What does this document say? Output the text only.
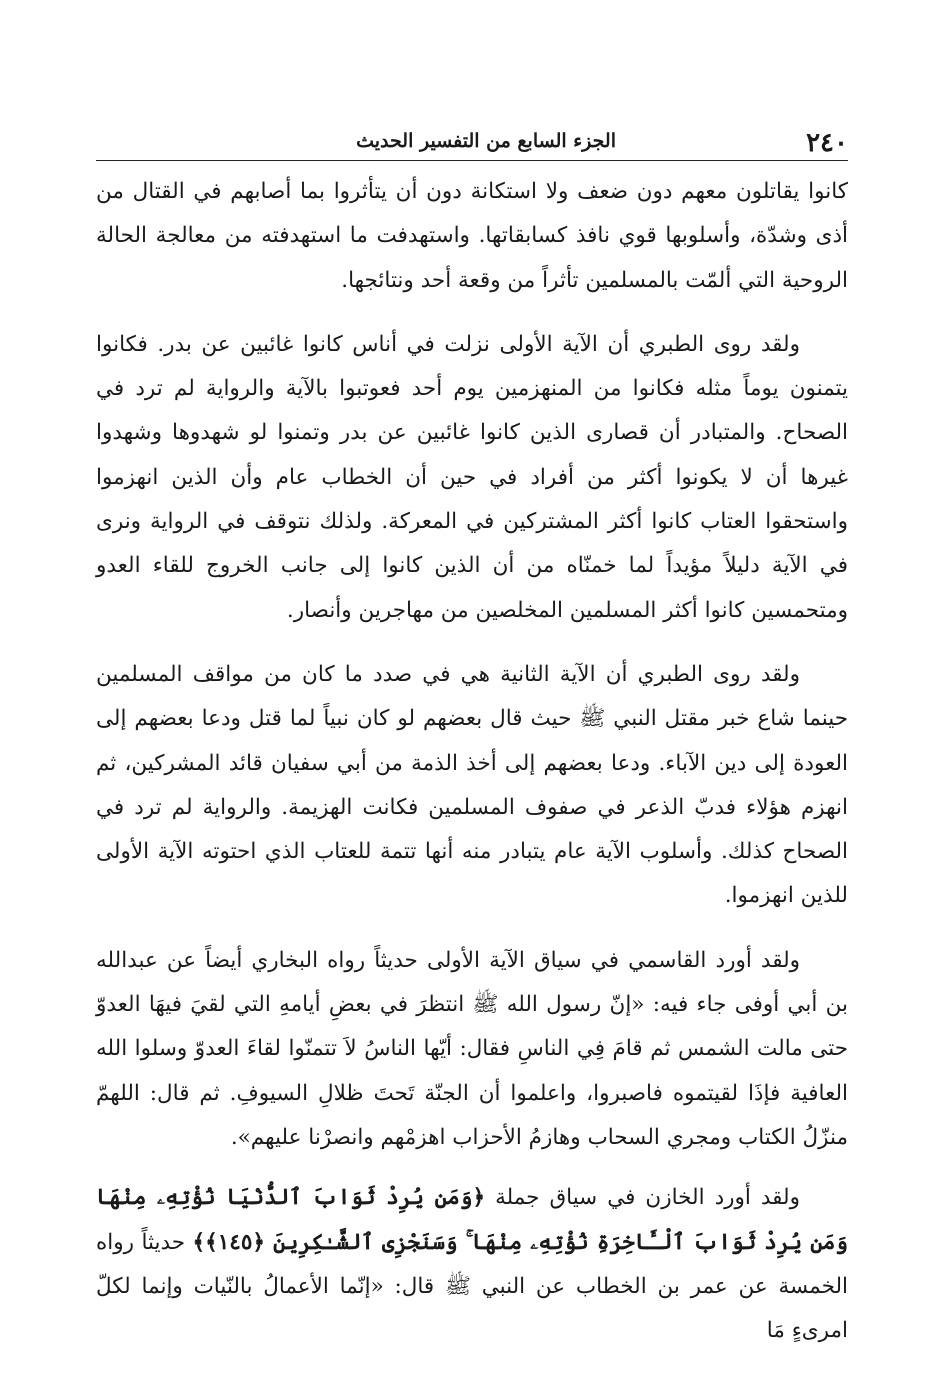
٢٤٠
الجزء السابع من التفسير الحديث

كانوا يقاتلون معهم دون ضعف ولا استكانة دون أن يتأثروا بما أصابهم في القتال من أذى وشدّة، وأسلوبها قوي نافذ كسابقاتها. واستهدفت ما استهدفته من معالجة الحالة الروحية التي ألمّت بالمسلمين تأثراً من وقعة أحد ونتائجها.

ولقد روى الطبري أن الآية الأولى نزلت في أناس كانوا غائبين عن بدر. فكانوا يتمنون يوماً مثله فكانوا من المنهزمين يوم أحد فعوتبوا بالآية والرواية لم ترد في الصحاح. والمتبادر أن قصارى الذين كانوا غائبين عن بدر وتمنوا لو شهدوها وشهدوا غيرها أن لا يكونوا أكثر من أفراد في حين أن الخطاب عام وأن الذين انهزموا واستحقوا العتاب كانوا أكثر المشتركين في المعركة. ولذلك نتوقف في الرواية ونرى في الآية دليلاً مؤيداً لما خمنّاه من أن الذين كانوا إلى جانب الخروج للقاء العدو ومتحمسين كانوا أكثر المسلمين المخلصين من مهاجرين وأنصار.

ولقد روى الطبري أن الآية الثانية هي في صدد ما كان من مواقف المسلمين حينما شاع خبر مقتل النبي ﷺ حيث قال بعضهم لو كان نبياً لما قتل ودعا بعضهم إلى العودة إلى دين الآباء. ودعا بعضهم إلى أخذ الذمة من أبي سفيان قائد المشركين، ثم انهزم هؤلاء فدبّ الذعر في صفوف المسلمين فكانت الهزيمة. والرواية لم ترد في الصحاح كذلك. وأسلوب الآية عام يتبادر منه أنها تتمة للعتاب الذي احتوته الآية الأولى للذين انهزموا.

ولقد أورد القاسمي في سياق الآية الأولى حديثاً رواه البخاري أيضاً عن عبدالله بن أبي أوفى جاء فيه: «إنّ رسول الله ﷺ انتظرَ في بعضِ أيامهِ التي لقيَ فيهَا العدوّ حتى مالت الشمس ثم قامَ فِي الناسِ فقال: أيّها الناسُ لاَ تتمنّوا لقاءَ العدوّ وسلوا الله العافية فإذَا لقيتموه فاصبروا، واعلموا أن الجنّة تَحتَ ظلالِ السيوفِ. ثم قال: اللهمّ منزّلُ الكتاب ومجري السحاب وهازمُ الأحزاب اهزمْهم وانصرْنا عليهم».

ولقد أورد الخازن في سياق جملة ﴿وَمَن يُرِدْ ثَوَابَ ٱلدُّنْيَا نُؤْتِهِۦ مِنْهَا وَمَن يُرِدْ ثَوَابَ ٱلْـَٔاخِرَةِ نُؤْتِهِۦ مِنْهَا ۚ وَسَنَجْزِى ٱلشَّـٰكِرِينَ ﴿١٤٥﴾﴾ حديثاً رواه الخمسة عن عمر بن الخطاب عن النبي ﷺ قال: «إنّما الأعمالُ بالنّيات وإنما لكلّ امرىءٍ مَا
